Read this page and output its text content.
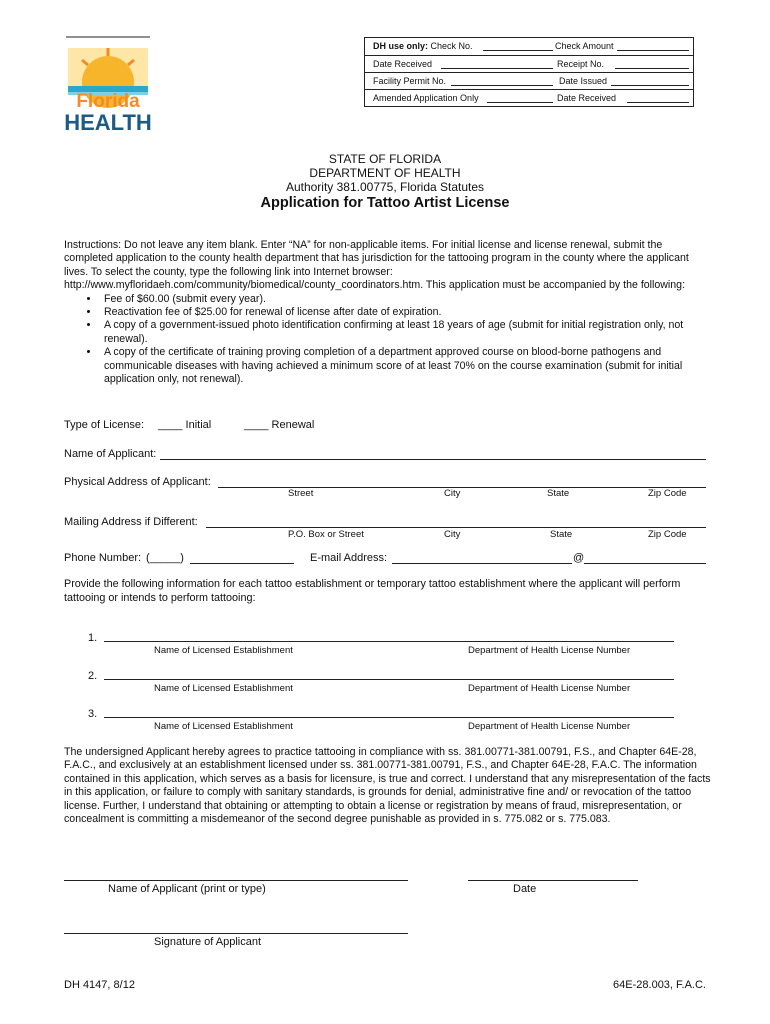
DH use only: Check No.	Check Amount
Date Received	Receipt No.
Facility Permit No.	Date Issued
Amended Application Only	Date Received
Florida
HEALTH
STATE OF FLORIDA
DEPARTMENT OF HEALTH
Authority 381.00775, Florida Statutes
Application for Tattoo Artist License

Instructions: Do not leave any item blank. Enter “NA” for non-applicable items. For initial license and license renewal, submit the completed application to the county health department that has jurisdiction for the tattooing program in the county where the applicant lives. To select the county, type the following link into Internet browser: http://www.myfloridaeh.com/community/biomedical/county_coordinators.htm. This application must be accompanied by the following:

• Fee of $60.00 (submit every year).
• Reactivation fee of $25.00 for renewal of license after date of expiration.
• A copy of a government-issued photo identification confirming at least 18 years of age (submit for initial registration only, not renewal).
• A copy of the certificate of training proving completion of a department approved course on blood-borne pathogens and communicable diseases with having achieved a minimum score of at least 70% on the course examination (submit for initial application only, not renewal).
Type of License: ____ Initial	____ Renewal
Name of Applicant:
Physical Address of Applicant:
Street	City	State	Zip Code
Mailing Address if Different:
P.O. Box or Street	City	State	Zip Code
Phone Number: (_____)	E-mail Address:	@
Provide the following information for each tattoo establishment or temporary tattoo establishment where the applicant will perform tattooing or intends to perform tattooing:
1.
Name of Licensed Establishment	Department of Health License Number
2.
Name of Licensed Establishment	Department of Health License Number
3.
Name of Licensed Establishment	Department of Health License Number
The undersigned Applicant hereby agrees to practice tattooing in compliance with ss. 381.00771-381.00791, F.S., and Chapter 64E-28, F.A.C., and exclusively at an establishment licensed under ss. 381.00771-381.00791, F.S., and Chapter 64E-28, F.A.C. The information contained in this application, which serves as a basis for licensure, is true and correct. I understand that any misrepresentation of the facts in this application, or failure to comply with sanitary standards, is grounds for denial, administrative fine and/ or revocation of the tattoo license. Further, I understand that obtaining or attempting to obtain a license or registration by means of fraud, misrepresentation, or concealment is committing a misdemeanor of the second degree punishable as provided in s. 775.082 or s. 775.083.
Name of Applicant (print or type)	Date
Signature of Applicant
DH 4147, 8/12	64E-28.003, F.A.C.
